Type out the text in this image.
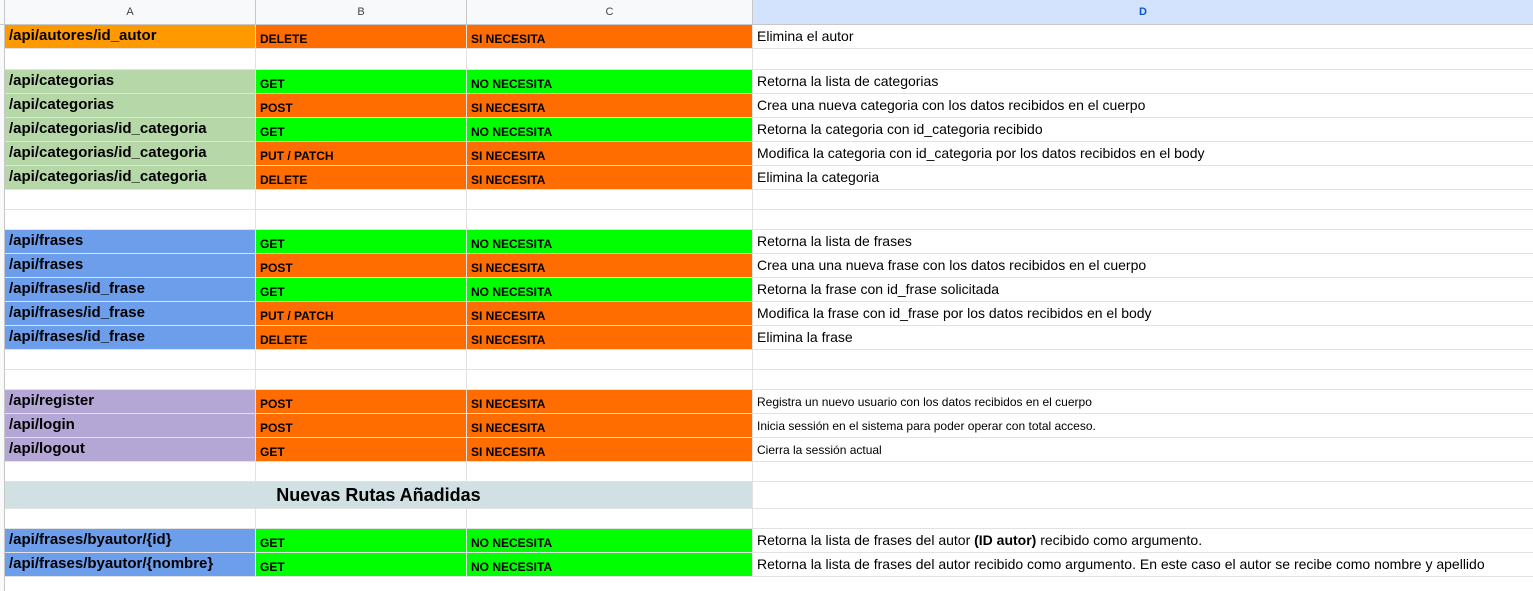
A	B	C	D
/api/autores/id_autor	DELETE	SI NECESITA	Elimina el autor
/api/categorias	GET	NO NECESITA	Retorna la lista de categorias
/api/categorias	POST	SI NECESITA	Crea una nueva categoria con los datos recibidos en el cuerpo
/api/categorias/id_categoria	GET	NO NECESITA	Retorna la categoria con id_categoria recibido
/api/categorias/id_categoria	PUT / PATCH	SI NECESITA	Modifica la categoria con id_categoria por los datos recibidos en el body
/api/categorias/id_categoria	DELETE	SI NECESITA	Elimina la categoria
/api/frases	GET	NO NECESITA	Retorna la lista de frases
/api/frases	POST	SI NECESITA	Crea una una nueva frase con los datos recibidos en el cuerpo
/api/frases/id_frase	GET	NO NECESITA	Retorna la frase con id_frase solicitada
/api/frases/id_frase	PUT / PATCH	SI NECESITA	Modifica la frase con id_frase por los datos recibidos en el body
/api/frases/id_frase	DELETE	SI NECESITA	Elimina la frase
/api/register	POST	SI NECESITA	Registra un nuevo usuario con los datos recibidos en el cuerpo
/api/login	POST	SI NECESITA	Inicia sessión en el sistema para poder operar con total acceso.
/api/logout	GET	SI NECESITA	Cierra la sessión actual
Nuevas Rutas Añadidas
/api/frases/byautor/{id}	GET	NO NECESITA	Retorna la lista de frases del autor (ID autor) recibido como argumento.
/api/frases/byautor/{nombre}	GET	NO NECESITA	Retorna la lista de frases del autor recibido como argumento. En este caso el autor se recibe como nombre y apellido
